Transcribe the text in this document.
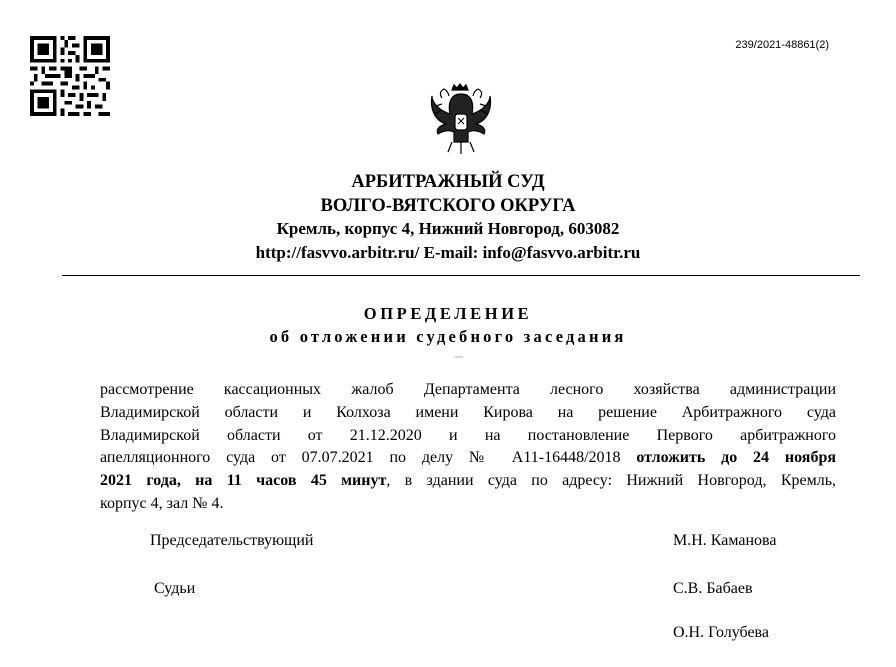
239/2021-48861(2)
АРБИТРАЖНЫЙ СУД
ВОЛГО-ВЯТСКОГО ОКРУГА
Кремль, корпус 4, Нижний Новгород, 603082
http://fasvvo.arbitr.ru/ E-mail: info@fasvvo.arbitr.ru
ОПРЕДЕЛЕНИЕ
об отложении судебного заседания
рассмотрение кассационных жалоб Департамента лесного хозяйства администрации
Владимирской области и Колхоза имени Кирова на решение Арбитражного суда
Владимирской области от 21.12.2020 и на постановление Первого арбитражного
апелляционного суда от 07.07.2021 по делу № А11-16448/2018 отложить до 24 ноября
2021 года, на 11 часов 45 минут, в здании суда по адресу: Нижний Новгород, Кремль,
корпус 4, зал № 4.
Председательствующий	М.Н. Каманова
Судьи	С.В. Бабаев
О.Н. Голубева
